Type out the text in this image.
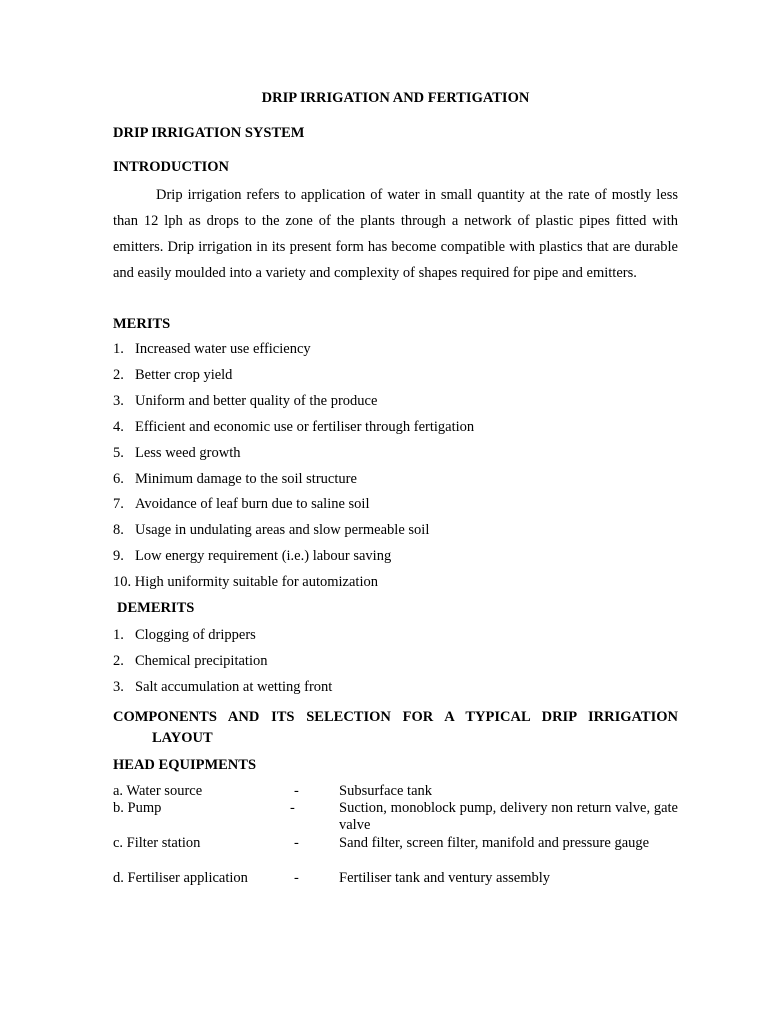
DRIP IRRIGATION AND FERTIGATION
DRIP IRRIGATION SYSTEM
INTRODUCTION
Drip irrigation refers to application of water in small quantity at the rate of mostly less than 12 lph as drops to the zone of the plants through a network of plastic pipes fitted with emitters. Drip irrigation in its present form has become compatible with plastics that are durable and easily moulded into a variety and complexity of shapes required for pipe and emitters.
MERITS
1. Increased water use efficiency
2. Better crop yield
3. Uniform and better quality of the produce
4. Efficient and economic use or fertiliser through fertigation
5. Less weed growth
6. Minimum damage to the soil structure
7. Avoidance of leaf burn due to saline soil
8. Usage in undulating areas and slow permeable soil
9. Low energy requirement (i.e.) labour saving
10. High uniformity suitable for automization
DEMERITS
1. Clogging of drippers
2. Chemical precipitation
3. Salt accumulation at wetting front
COMPONENTS AND ITS SELECTION FOR A TYPICAL DRIP IRRIGATION
LAYOUT
HEAD EQUIPMENTS
a. Water source	-	Subsurface tank
b. Pump	-	Suction, monoblock pump, delivery non return valve, gate valve
c. Filter station	-	Sand filter, screen filter, manifold and pressure gauge
d. Fertiliser application	-	Fertiliser tank and ventury assembly
